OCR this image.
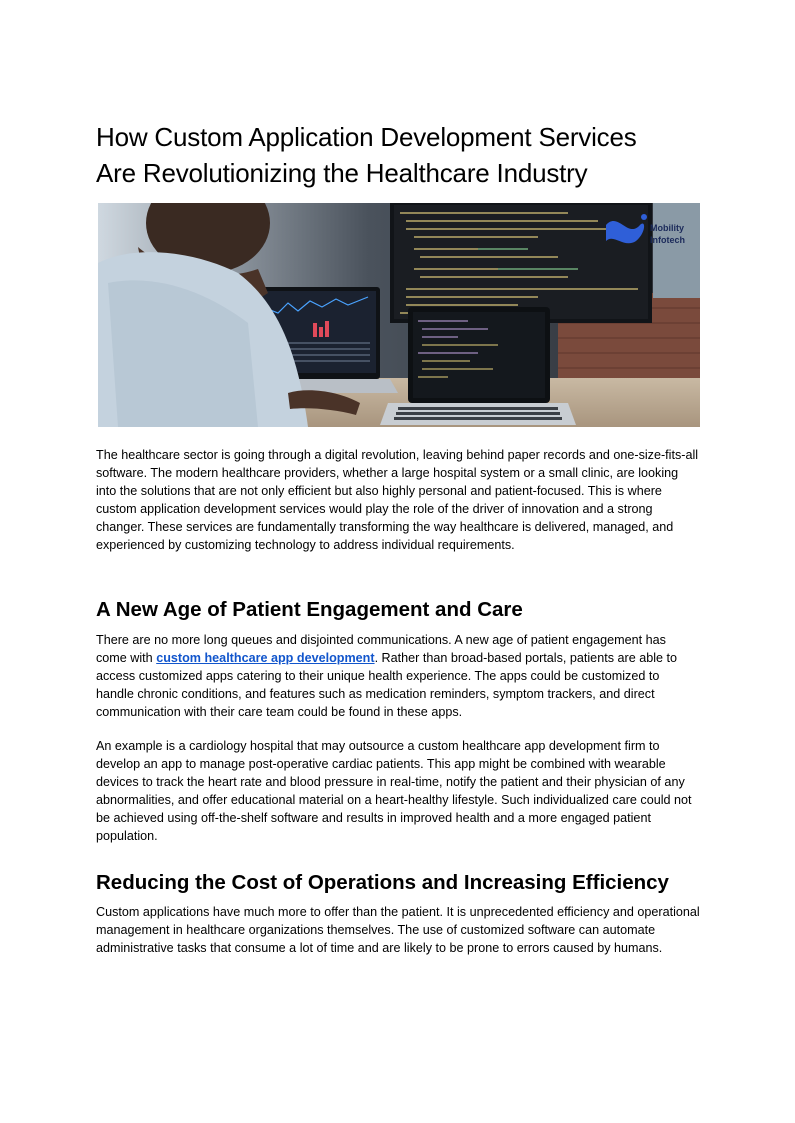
How Custom Application Development Services
Are Revolutionizing the Healthcare Industry
Mobility
Infotech

The healthcare sector is going through a digital revolution, leaving behind paper records and one-size-fits-all software. The modern healthcare providers, whether a large hospital system or a small clinic, are looking into the solutions that are not only efficient but also highly personal and patient-focused. This is where custom application development services would play the role of the driver of innovation and a strong changer. These services are fundamentally transforming the way healthcare is delivered, managed, and experienced by customizing technology to address individual requirements.

A New Age of Patient Engagement and Care

There are no more long queues and disjointed communications. A new age of patient engagement has come with custom healthcare app development. Rather than broad-based portals, patients are able to access customized apps catering to their unique health experience. The apps could be customized to handle chronic conditions, and features such as medication reminders, symptom trackers, and direct communication with their care team could be found in these apps.

An example is a cardiology hospital that may outsource a custom healthcare app development firm to develop an app to manage post-operative cardiac patients. This app might be combined with wearable devices to track the heart rate and blood pressure in real-time, notify the patient and their physician of any abnormalities, and offer educational material on a heart-healthy lifestyle. Such individualized care could not be achieved using off-the-shelf software and results in improved health and a more engaged patient population.

Reducing the Cost of Operations and Increasing Efficiency

Custom applications have much more to offer than the patient. It is unprecedented efficiency and operational management in healthcare organizations themselves. The use of customized software can automate administrative tasks that consume a lot of time and are likely to be prone to errors caused by humans.
